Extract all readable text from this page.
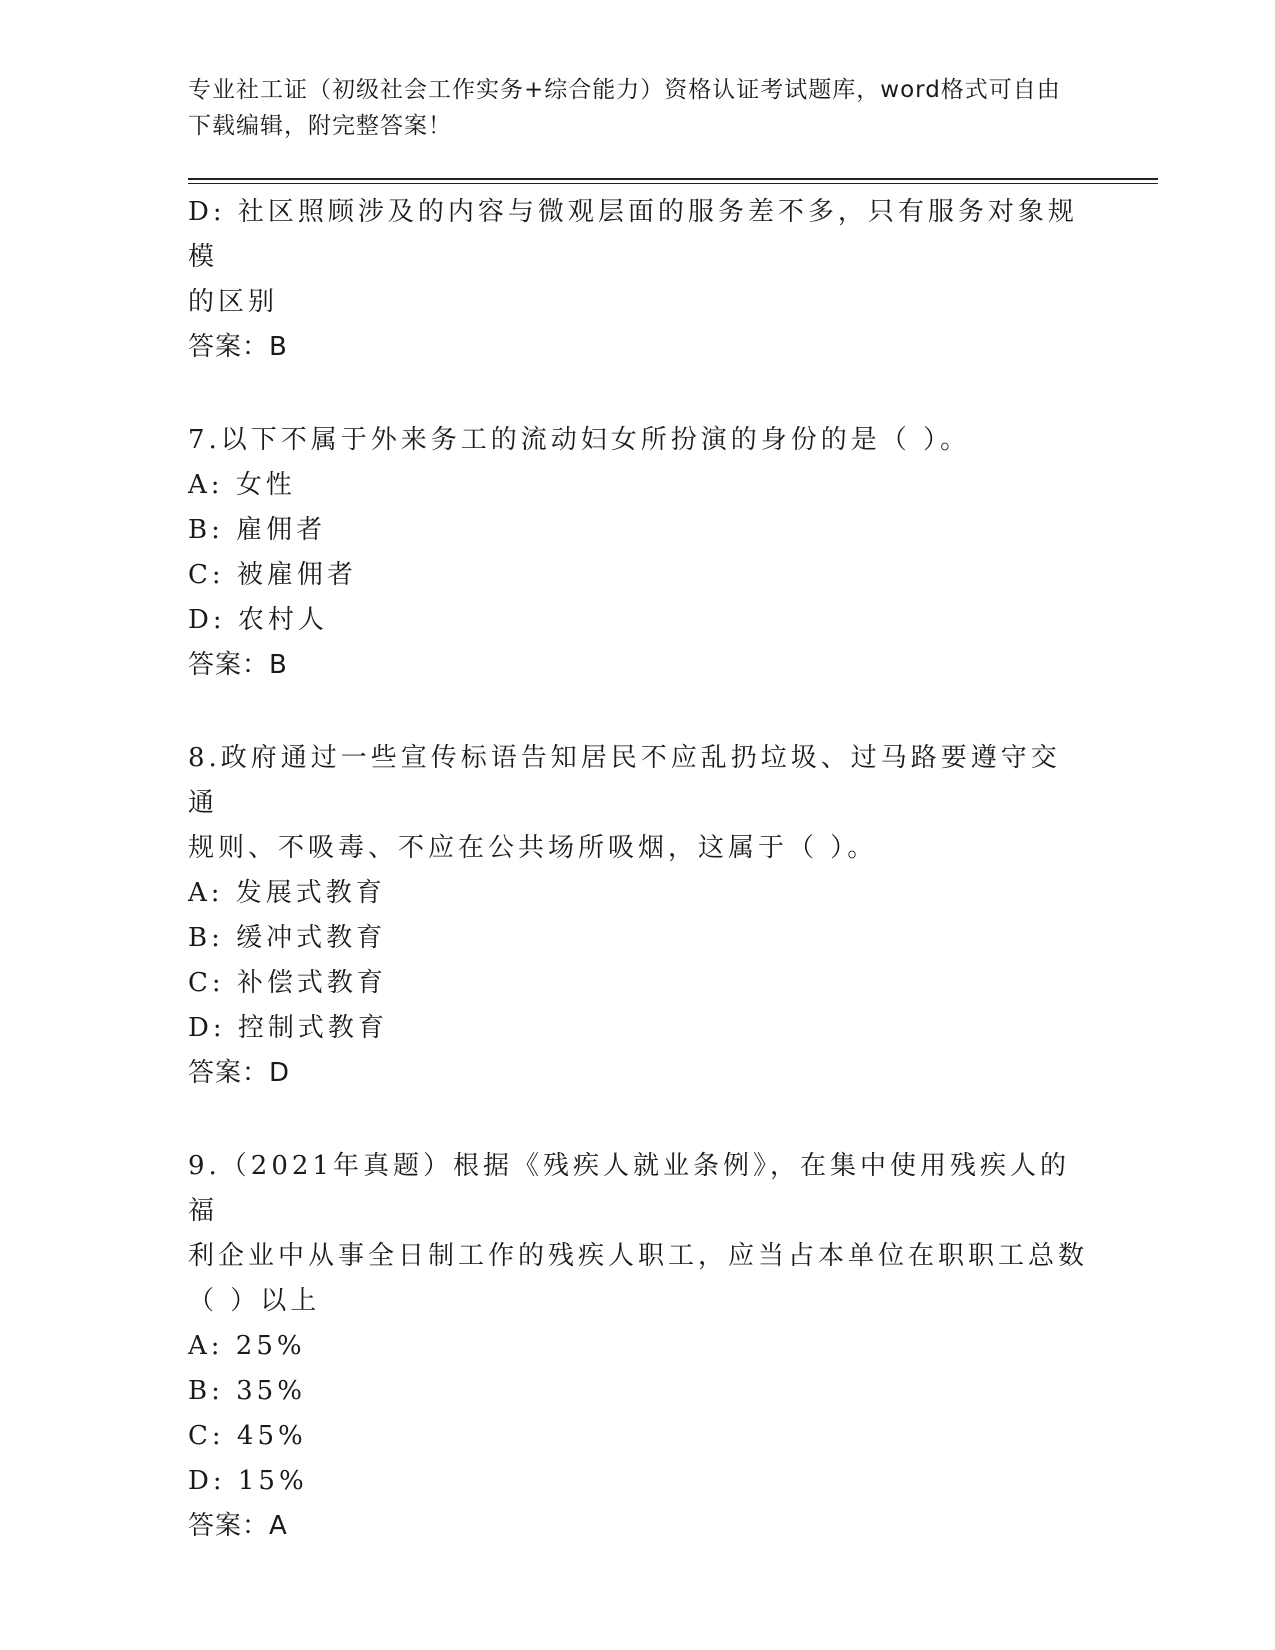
专业社工证（初级社会工作实务+综合能力）资格认证考试题库，word格式可自由
下载编辑，附完整答案！
D: 社区照顾涉及的内容与微观层面的服务差不多，只有服务对象规模
的区别
答案：B
7.以下不属于外来务工的流动妇女所扮演的身份的是（ ）。
A: 女性
B: 雇佣者
C: 被雇佣者
D: 农村人
答案：B
8.政府通过一些宣传标语告知居民不应乱扔垃圾、过马路要遵守交通
规则、不吸毒、不应在公共场所吸烟，这属于（ ）。
A: 发展式教育
B: 缓冲式教育
C: 补偿式教育
D: 控制式教育
答案：D
9.（2021年真题）根据《残疾人就业条例》，在集中使用残疾人的福
利企业中从事全日制工作的残疾人职工，应当占本单位在职职工总数
（ ）以上
A: 25%
B: 35%
C: 45%
D: 15%
答案：A
